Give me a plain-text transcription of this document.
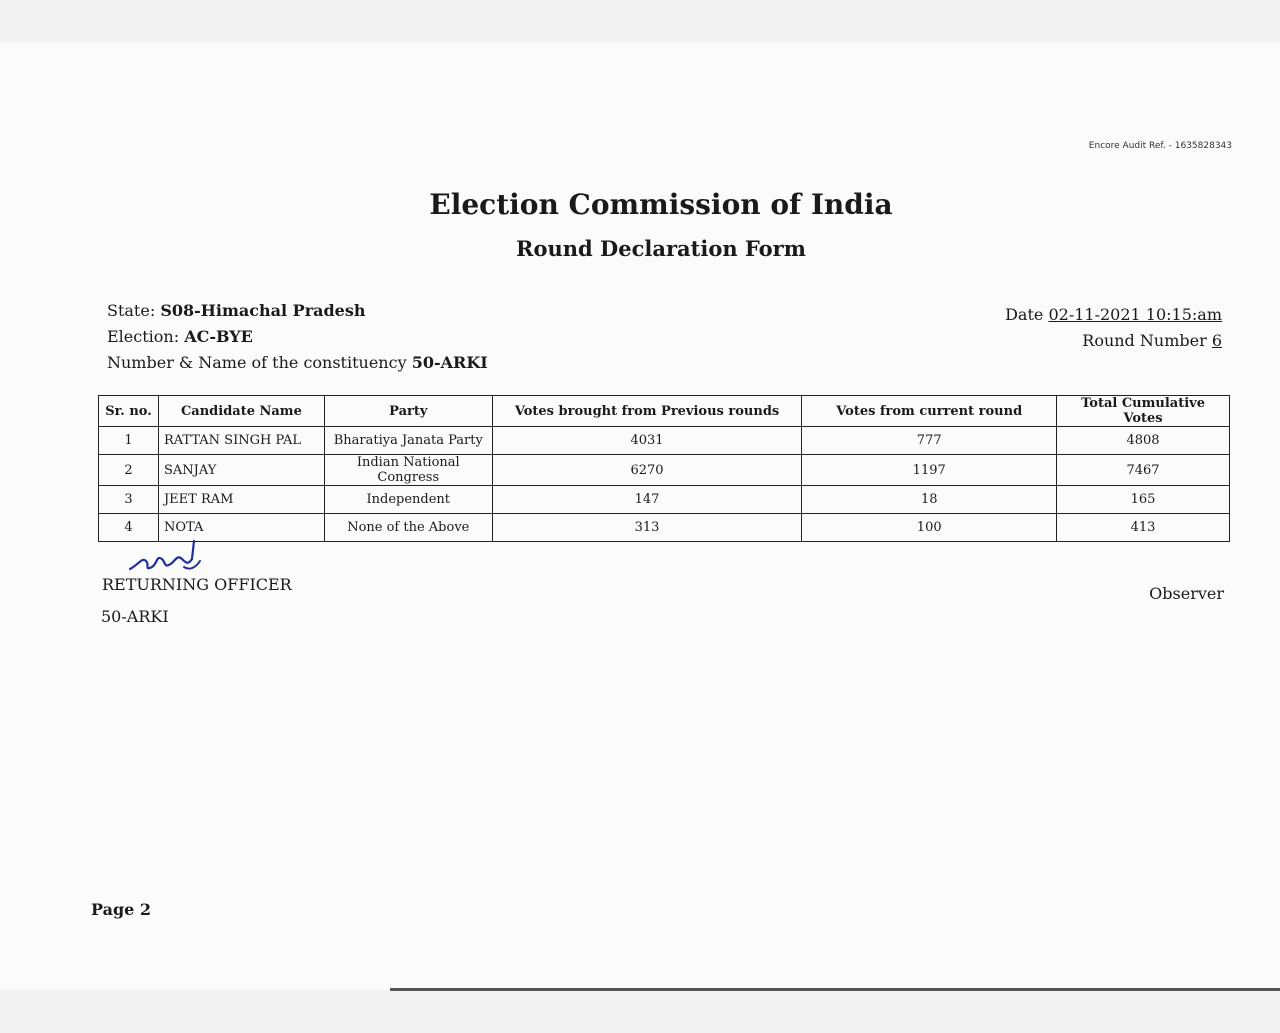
Encore Audit Ref. - 1635828343
Election Commission of India
Round Declaration Form
State: S08-Himachal Pradesh
Election: AC-BYE
Number & Name of the constituency 50-ARKI
Date 02-11-2021 10:15:am
Round Number 6
Sr. no.	Candidate Name	Party	Votes brought from Previous rounds	Votes from current round	Total Cumulative Votes
1	RATTAN SINGH PAL	Bharatiya Janata Party	4031	777	4808
2	SANJAY	Indian National Congress	6270	1197	7467
3	JEET RAM	Independent	147	18	165
4	NOTA	None of the Above	313	100	413
RETURNING OFFICER
50-ARKI
Observer
Page 2
